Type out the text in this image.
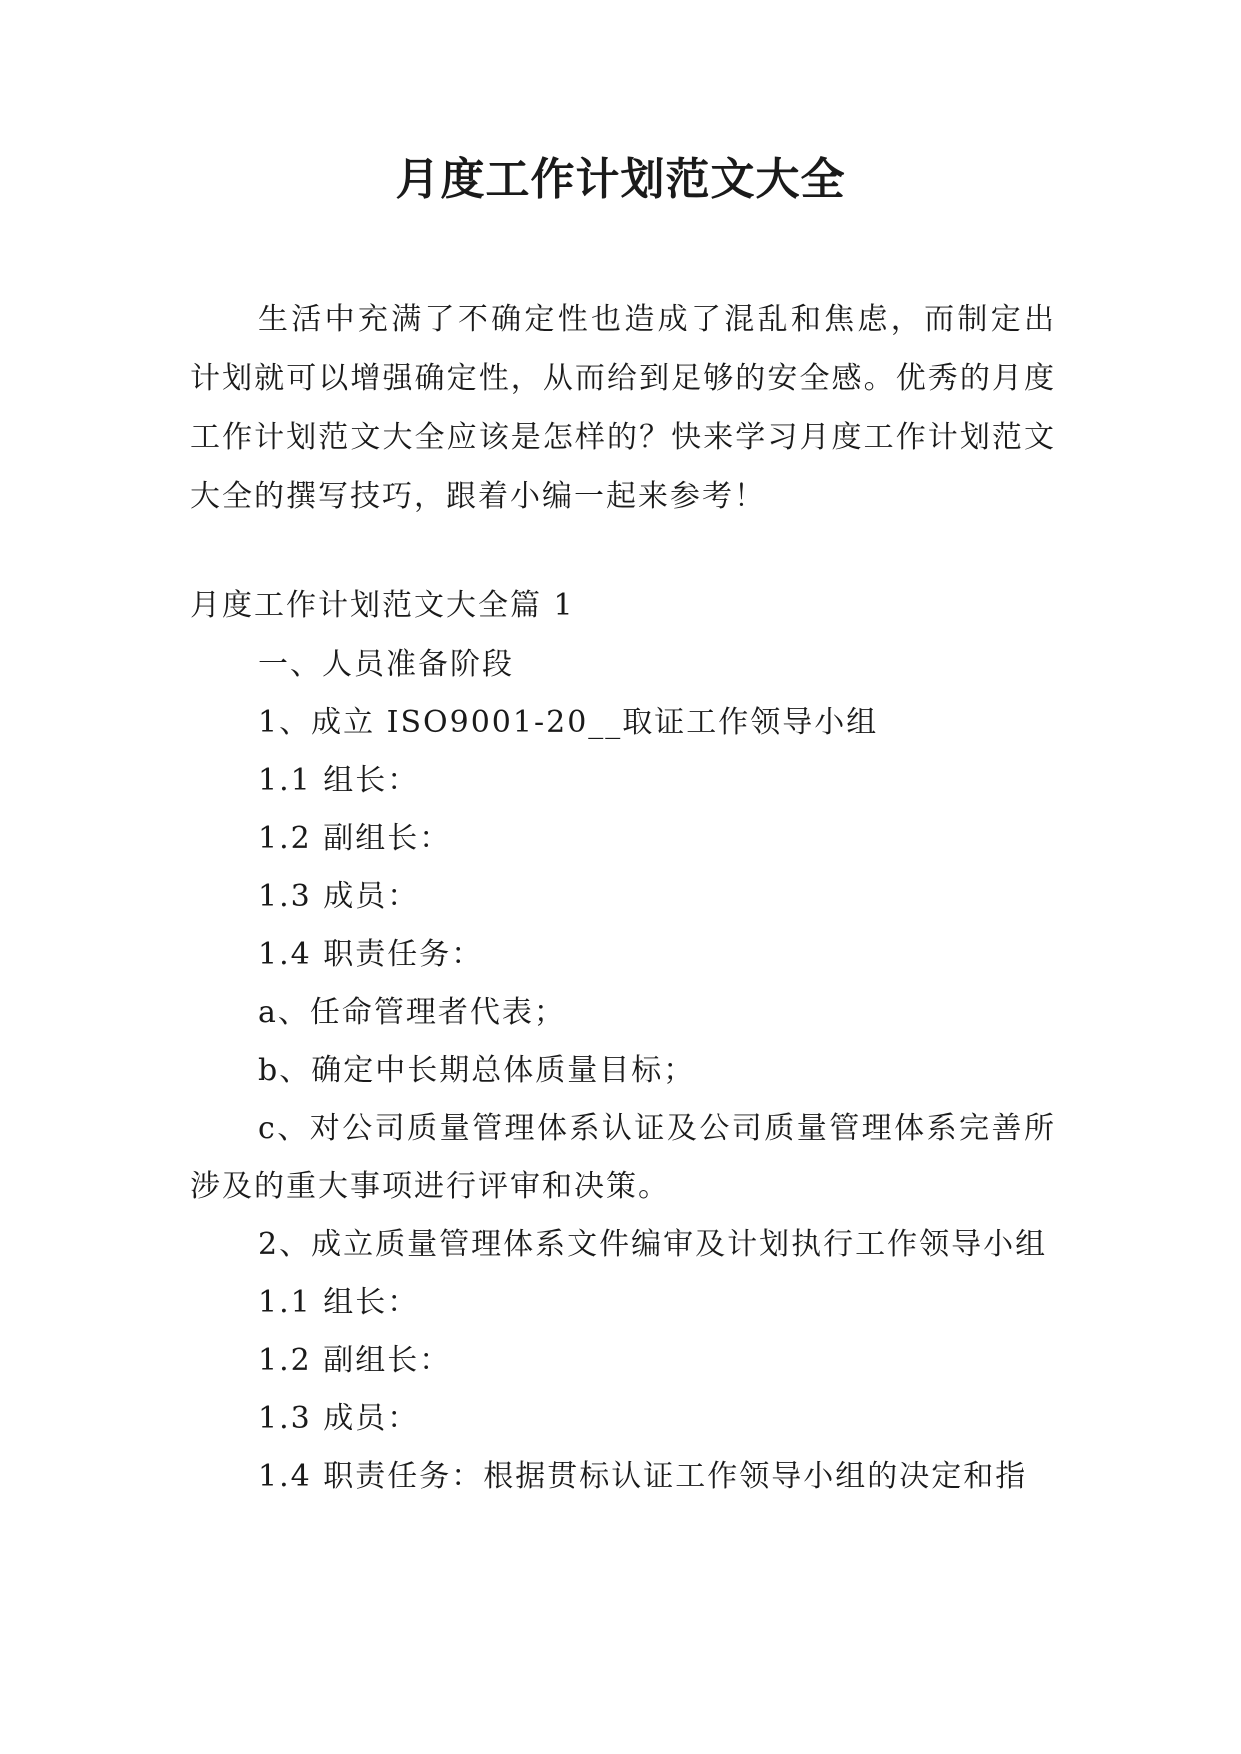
月度工作计划范文大全

生活中充满了不确定性也造成了混乱和焦虑，而制定出计划就可以增强确定性，从而给到足够的安全感。优秀的月度工作计划范文大全应该是怎样的？快来学习月度工作计划范文大全的撰写技巧，跟着小编一起来参考！

月度工作计划范文大全篇 1

一、人员准备阶段

1、成立 ISO9001-20__取证工作领导小组

1.1 组长：

1.2 副组长：

1.3 成员：

1.4 职责任务：

a、任命管理者代表；

b、确定中长期总体质量目标；

c、对公司质量管理体系认证及公司质量管理体系完善所涉及的重大事项进行评审和决策。

2、成立质量管理体系文件编审及计划执行工作领导小组

1.1 组长：

1.2 副组长：

1.3 成员：

1.4 职责任务：根据贯标认证工作领导小组的决定和指
